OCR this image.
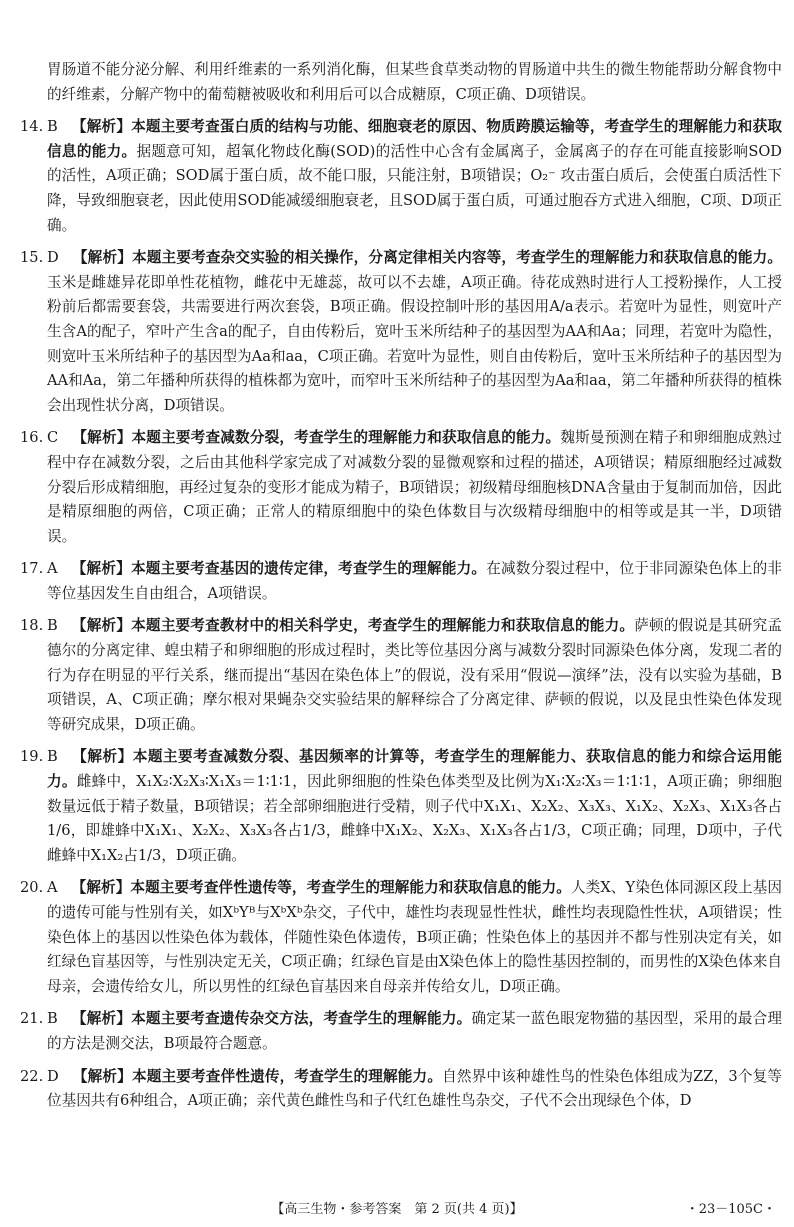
胃肠道不能分泌分解、利用纤维素的一系列消化酶，但某些食草类动物的胃肠道中共生的微生物能帮助分解食物中的纤维素，分解产物中的葡萄糖被吸收和利用后可以合成糖原，C项正确、D项错误。
14. B 【解析】本题主要考查蛋白质的结构与功能、细胞衰老的原因、物质跨膜运输等，考查学生的理解能力和获取信息的能力。据题意可知，超氧化物歧化酶(SOD)的活性中心含有金属离子，金属离子的存在可能直接影响SOD的活性，A项正确；SOD属于蛋白质，故不能口服，只能注射，B项错误；O₂⁻ 攻击蛋白质后，会使蛋白质活性下降，导致细胞衰老，因此使用SOD能减缓细胞衰老，且SOD属于蛋白质，可通过胞吞方式进入细胞，C项、D项正确。
15. D 【解析】本题主要考查杂交实验的相关操作，分离定律相关内容等，考查学生的理解能力和获取信息的能力。玉米是雌雄异花即单性花植物，雌花中无雄蕊，故可以不去雄，A项正确。待花成熟时进行人工授粉操作，人工授粉前后都需要套袋，共需要进行两次套袋，B项正确。假设控制叶形的基因用A/a表示。若宽叶为显性，则宽叶产生含A的配子，窄叶产生含a的配子，自由传粉后，宽叶玉米所结种子的基因型为AA和Aa；同理，若宽叶为隐性，则宽叶玉米所结种子的基因型为Aa和aa，C项正确。若宽叶为显性，则自由传粉后，宽叶玉米所结种子的基因型为AA和Aa，第二年播种所获得的植株都为宽叶，而窄叶玉米所结种子的基因型为Aa和aa，第二年播种所获得的植株会出现性状分离，D项错误。
16. C 【解析】本题主要考查减数分裂，考查学生的理解能力和获取信息的能力。魏斯曼预测在精子和卵细胞成熟过程中存在减数分裂，之后由其他科学家完成了对减数分裂的显微观察和过程的描述，A项错误；精原细胞经过减数分裂后形成精细胞，再经过复杂的变形才能成为精子，B项错误；初级精母细胞核DNA含量由于复制而加倍，因此是精原细胞的两倍，C项正确；正常人的精原细胞中的染色体数目与次级精母细胞中的相等或是其一半，D项错误。
17. A 【解析】本题主要考查基因的遗传定律，考查学生的理解能力。在减数分裂过程中，位于非同源染色体上的非等位基因发生自由组合，A项错误。
18. B 【解析】本题主要考查教材中的相关科学史，考查学生的理解能力和获取信息的能力。萨顿的假说是其研究孟德尔的分离定律、蝗虫精子和卵细胞的形成过程时，类比等位基因分离与减数分裂时同源染色体分离，发现二者的行为存在明显的平行关系，继而提出“基因在染色体上”的假说，没有采用“假说—演绎”法，没有以实验为基础，B项错误，A、C项正确；摩尔根对果蝇杂交实验结果的解释综合了分离定律、萨顿的假说，以及昆虫性染色体发现等研究成果，D项正确。
19. B 【解析】本题主要考查减数分裂、基因频率的计算等，考查学生的理解能力、获取信息的能力和综合运用能力。雌蜂中，X₁X₂∶X₂X₃∶X₁X₃＝1∶1∶1，因此卵细胞的性染色体类型及比例为X₁∶X₂∶X₃＝1∶1∶1，A项正确；卵细胞数量远低于精子数量，B项错误；若全部卵细胞进行受精，则子代中X₁X₁、X₂X₂、X₃X₃、X₁X₂、X₂X₃、X₁X₃各占1/6，即雄蜂中X₁X₁、X₂X₂、X₃X₃各占1/3，雌蜂中X₁X₂、X₂X₃、X₁X₃各占1/3，C项正确；同理，D项中，子代雌蜂中X₁X₂占1/3，D项正确。
20. A 【解析】本题主要考查伴性遗传等，考查学生的理解能力和获取信息的能力。人类X、Y染色体同源区段上基因的遗传可能与性别有关，如XᵇYᴮ与XᵇXᵇ杂交，子代中，雄性均表现显性性状，雌性均表现隐性性状，A项错误；性染色体上的基因以性染色体为载体，伴随性染色体遗传，B项正确；性染色体上的基因并不都与性别决定有关，如红绿色盲基因等，与性别决定无关，C项正确；红绿色盲是由X染色体上的隐性基因控制的，而男性的X染色体来自母亲，会遗传给女儿，所以男性的红绿色盲基因来自母亲并传给女儿，D项正确。
21. B 【解析】本题主要考查遗传杂交方法，考查学生的理解能力。确定某一蓝色眼宠物猫的基因型，采用的最合理的方法是测交法，B项最符合题意。
22. D 【解析】本题主要考查伴性遗传，考查学生的理解能力。自然界中该种雄性鸟的性染色体组成为ZZ，3个复等位基因共有6种组合，A项正确；亲代黄色雌性鸟和子代红色雄性鸟杂交，子代不会出现绿色个体，D
【高三生物・参考答案　第 2 页(共 4 页)】	・23－105C・
